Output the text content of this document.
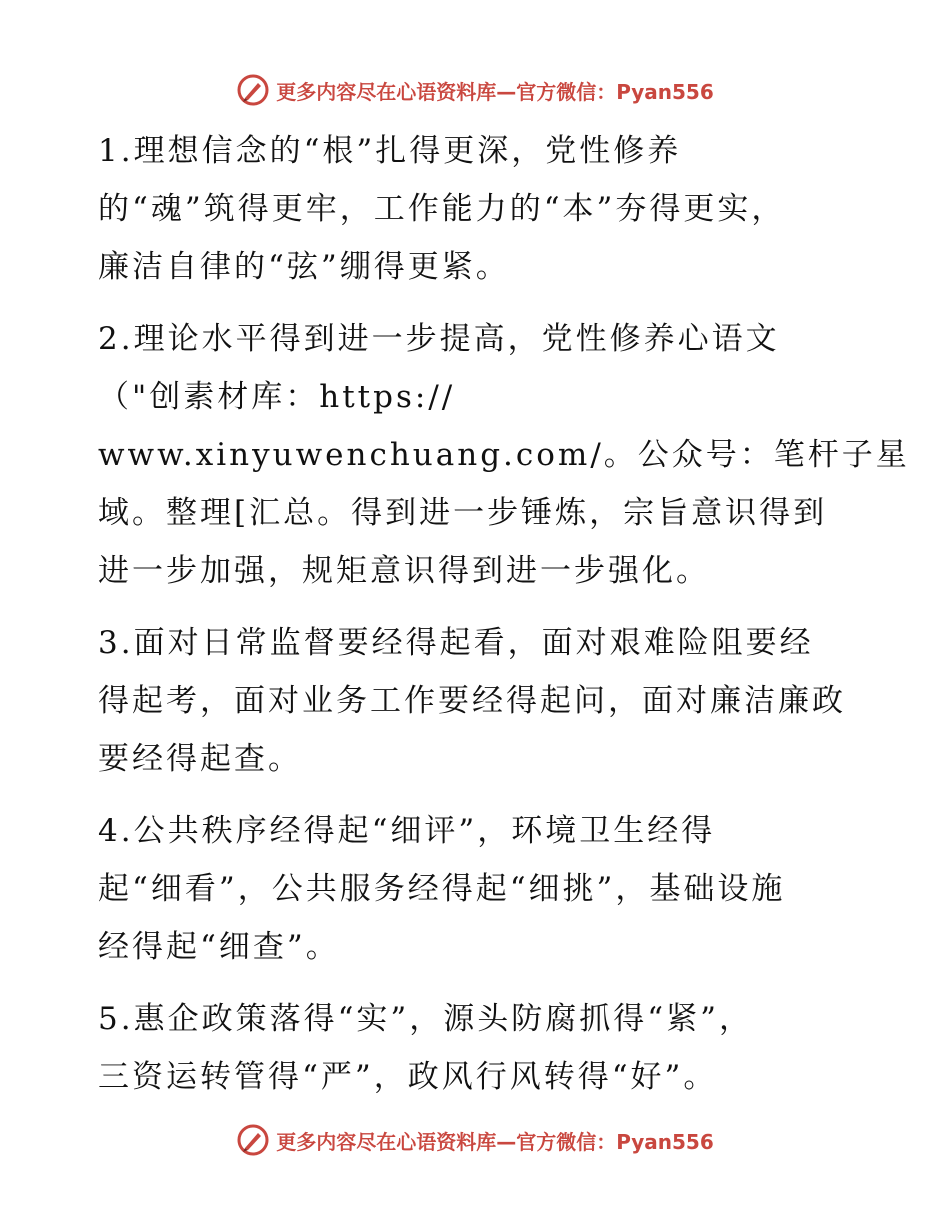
更多内容尽在心语资料库—官方微信：Pyan556
1.理想信念的“根”扎得更深，党性修养
的“魂”筑得更牢，工作能力的“本”夯得更实，
廉洁自律的“弦”绷得更紧。
2.理论水平得到进一步提高，党性修养心语文
（"创素材库：https://
www.xinyuwenchuang.com/。公众号：笔杆子星
域。整理[汇总。得到进一步锤炼，宗旨意识得到
进一步加强，规矩意识得到进一步强化。
3.面对日常监督要经得起看，面对艰难险阻要经
得起考，面对业务工作要经得起问，面对廉洁廉政
要经得起查。
4.公共秩序经得起“细评”，环境卫生经得
起“细看”，公共服务经得起“细挑”，基础设施
经得起“细查”。
5.惠企政策落得“实”，源头防腐抓得“紧”，
三资运转管得“严”，政风行风转得“好”。
更多内容尽在心语资料库—官方微信：Pyan556
